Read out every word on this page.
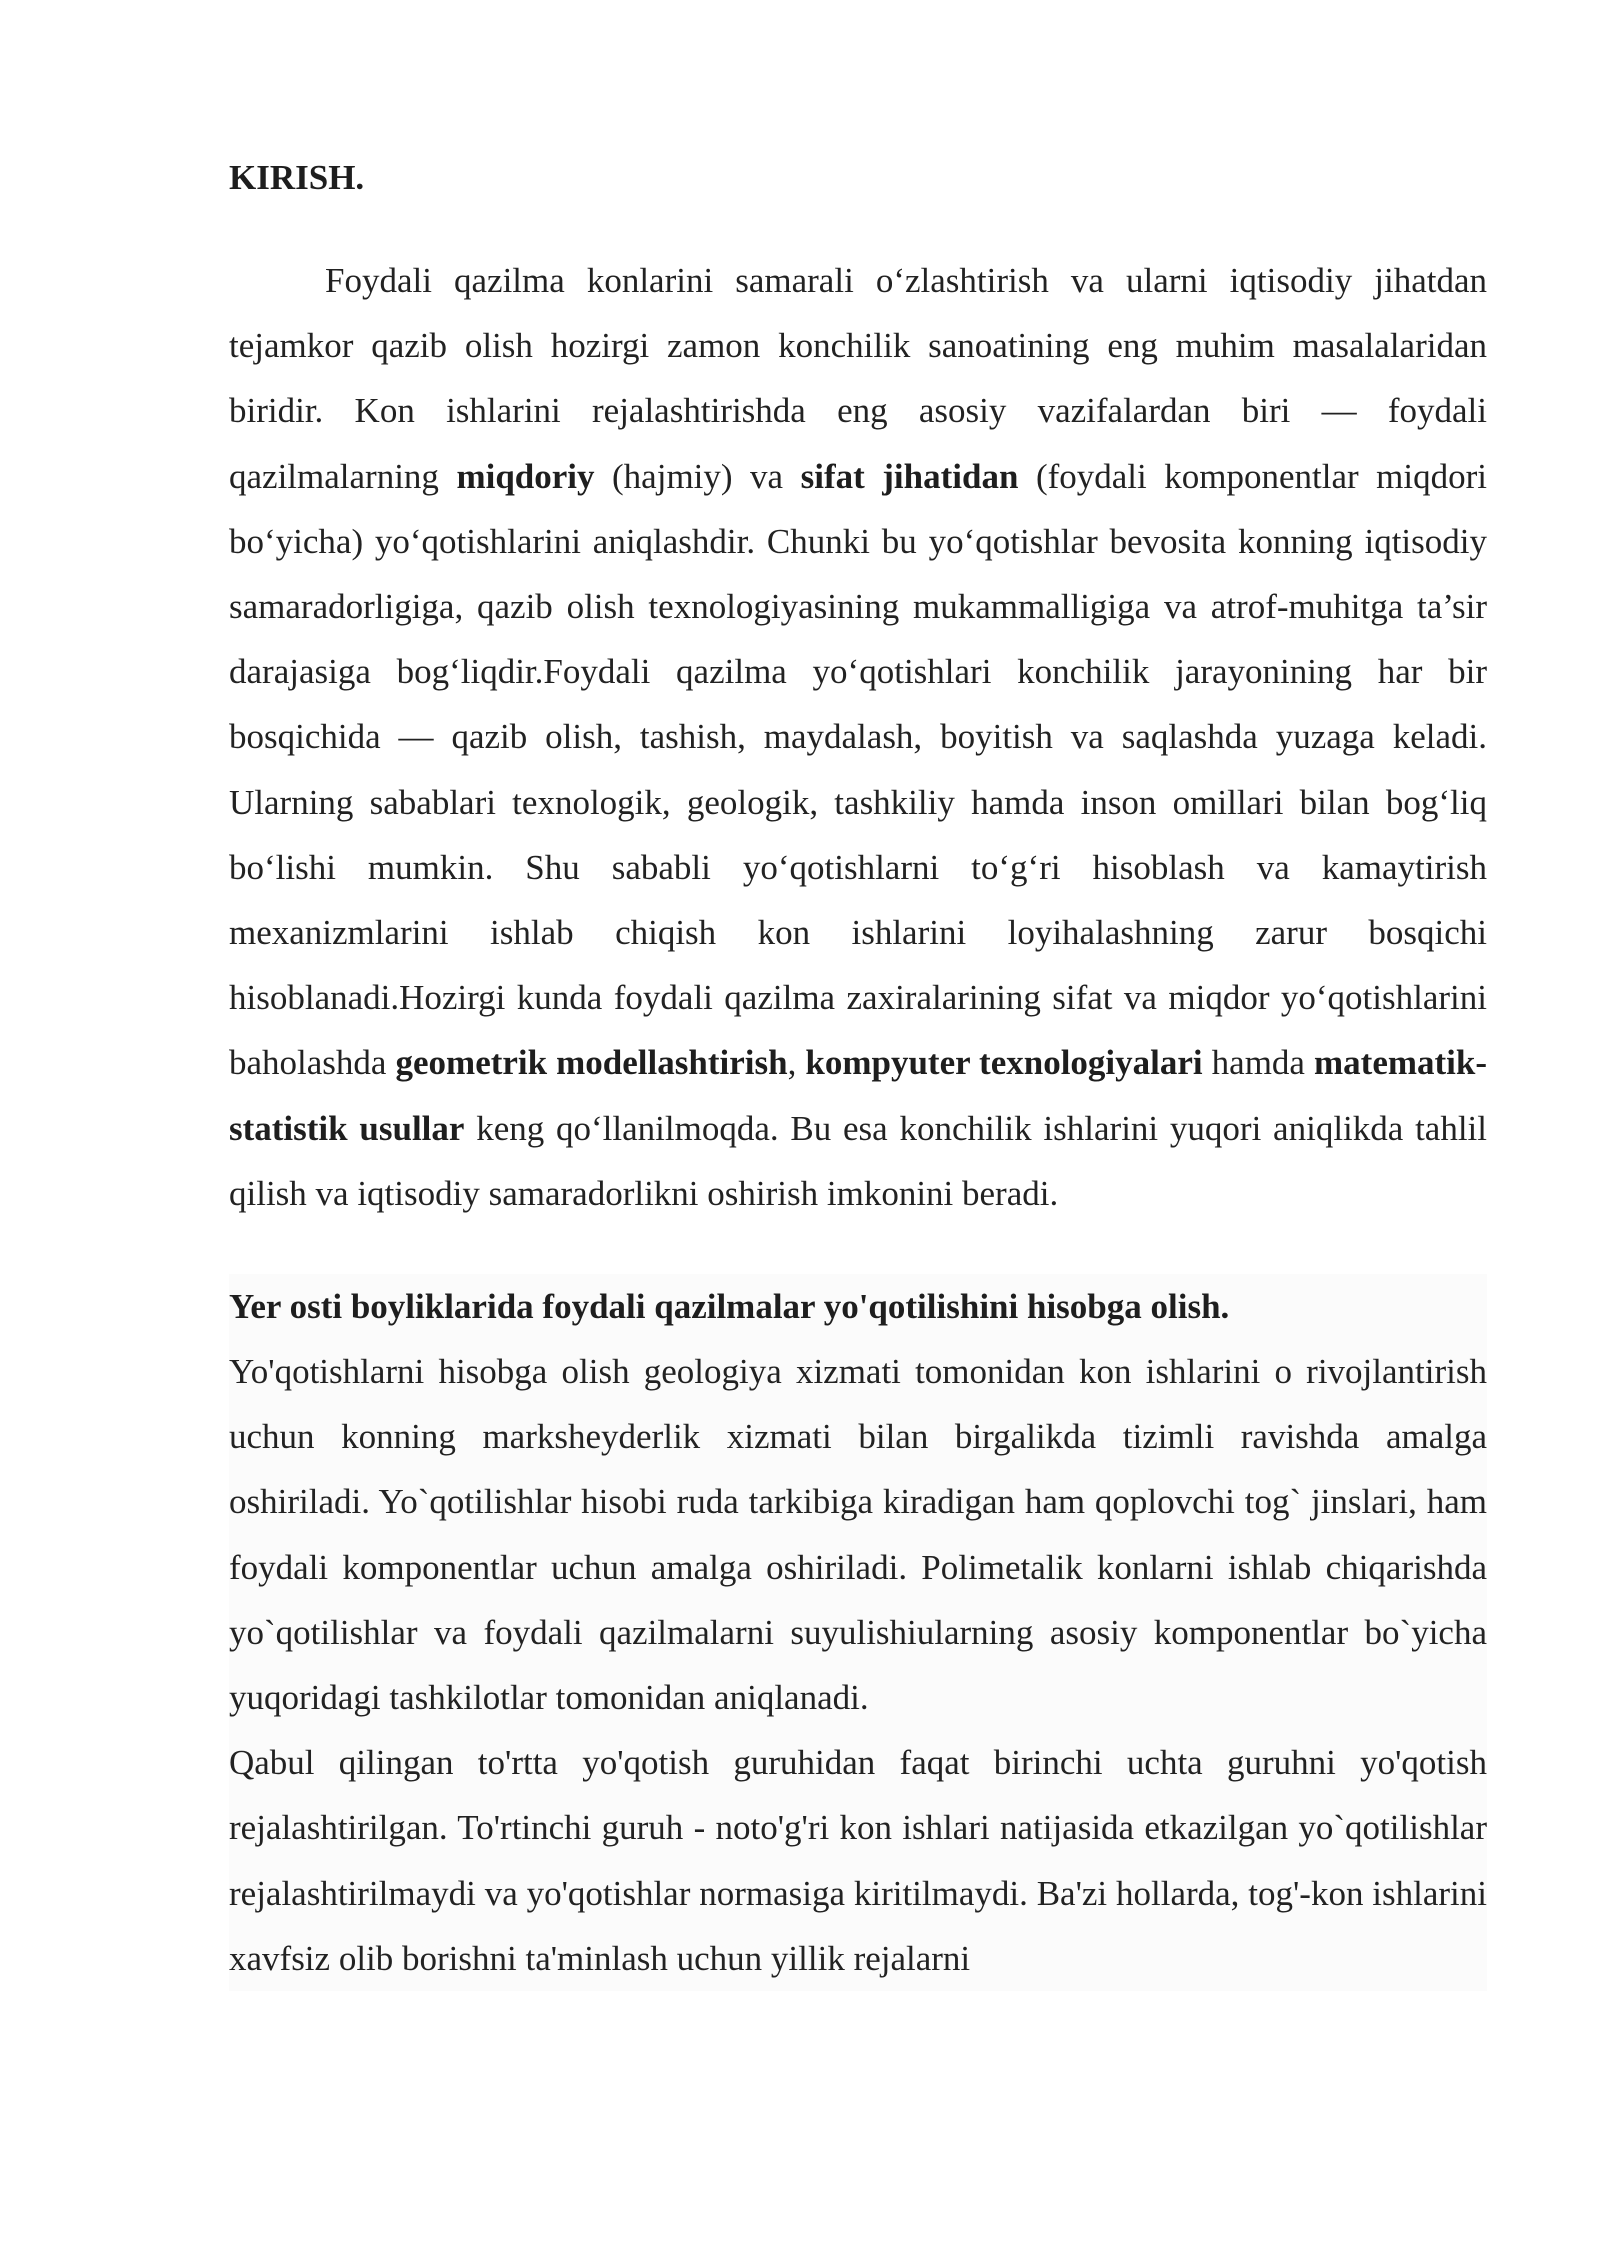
KIRISH.

Foydali qazilma konlarini samarali o‘zlashtirish va ularni iqtisodiy jihatdan tejamkor qazib olish hozirgi zamon konchilik sanoatining eng muhim masalalaridan biridir. Kon ishlarini rejalashtirishda eng asosiy vazifalardan biri — foydali qazilmalarning miqdoriy (hajmiy) va sifat jihatidan (foydali komponentlar miqdori bo‘yicha) yo‘qotishlarini aniqlashdir. Chunki bu yo‘qotishlar bevosita konning iqtisodiy samaradorligiga, qazib olish texnologiyasining mukammalligiga va atrof-muhitga ta’sir darajasiga bog‘liqdir.Foydali qazilma yo‘qotishlari konchilik jarayonining har bir bosqichida — qazib olish, tashish, maydalash, boyitish va saqlashda yuzaga keladi. Ularning sabablari texnologik, geologik, tashkiliy hamda inson omillari bilan bog‘liq bo‘lishi mumkin. Shu sababli yo‘qotishlarni to‘g‘ri hisoblash va kamaytirish mexanizmlarini ishlab chiqish kon ishlarini loyihalashning zarur bosqichi hisoblanadi.Hozirgi kunda foydali qazilma zaxiralarining sifat va miqdor yo‘qotishlarini baholashda geometrik modellashtirish, kompyuter texnologiyalari hamda matematik-statistik usullar keng qo‘llanilmoqda. Bu esa konchilik ishlarini yuqori aniqlikda tahlil qilish va iqtisodiy samaradorlikni oshirish imkonini beradi.

Yer osti boyliklarida foydali qazilmalar yo'qotilishini hisobga olish.

Yo'qotishlarni hisobga olish geologiya xizmati tomonidan kon ishlarini o rivojlantirish uchun konning marksheyderlik xizmati bilan birgalikda tizimli ravishda amalga oshiriladi. Yo`qotilishlar hisobi ruda tarkibiga kiradigan ham qoplovchi tog` jinslari, ham foydali komponentlar uchun amalga oshiriladi. Polimetalik konlarni ishlab chiqarishda yo`qotilishlar va foydali qazilmalarni suyulishiularning asosiy komponentlar bo`yicha yuqoridagi tashkilotlar tomonidan aniqlanadi.

Qabul qilingan to'rtta yo'qotish guruhidan faqat birinchi uchta guruhni yo'qotish rejalashtirilgan. To'rtinchi guruh - noto'g'ri kon ishlari natijasida etkazilgan yo`qotilishlar rejalashtirilmaydi va yo'qotishlar normasiga kiritilmaydi. Ba'zi hollarda, tog'-kon ishlarini xavfsiz olib borishni ta'minlash uchun yillik rejalarni
